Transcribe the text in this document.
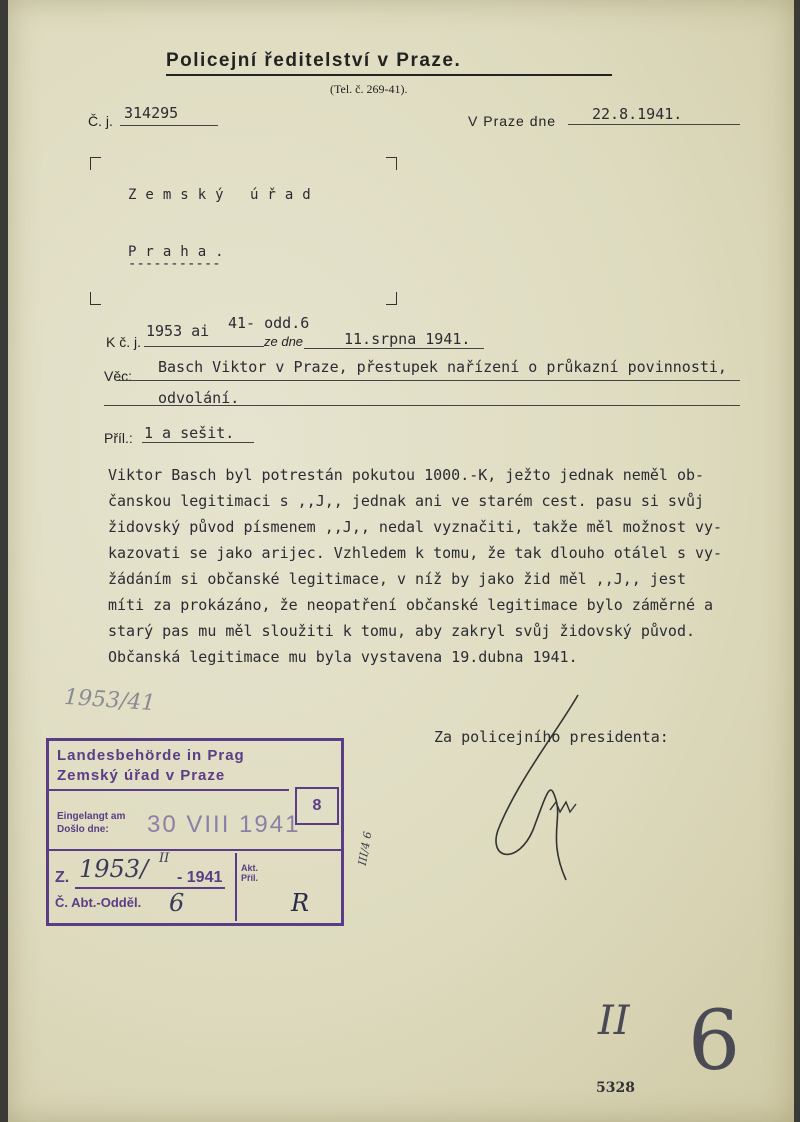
Policejní ředitelství v Praze.
(Tel. č. 269-41).
Č. j. 314295	V Praze dne 22.8.1941.
Zemský úřad
Praha.
-----------
K č. j.
1953 ai 41- odd.6
ze dne	11.srpna 1941.
Věc: Basch Viktor v Praze, přestupek nařízení o průkazní povinnosti,
odvolání.
Příl.: 1 a sešit.
Viktor Basch byl potrestán pokutou 1000.-K, ježto jednak neměl ob-
čanskou legitimaci s ,,J,, jednak ani ve starém cest. pasu si svůj
židovský původ písmenem ,,J,, nedal vyznačiti, takže měl možnost vy-
kazovati se jako arijec. Vzhledem k tomu, že tak dlouho otálel s vy-
žádáním si občanské legitimace, v níž by jako žid měl ,,J,, jest
míti za prokázáno, že neopatření občanské legitimace bylo záměrné a
starý pas mu měl sloužiti k tomu, aby zakryl svůj židovský původ.
Občanská legitimace mu byla vystavena 19.dubna 1941.
1953/41
Za policejního presidenta:
Landesbehörde in Prag
Zemský úřad v Praze
Eingelangt am
Došlo dne: 30 VIII 1941
8
Z. 1953/ II
- 1941
Č. Abt.-Odděl. 6
Akt. Příl.
R
III/4 6
II 6
5328
